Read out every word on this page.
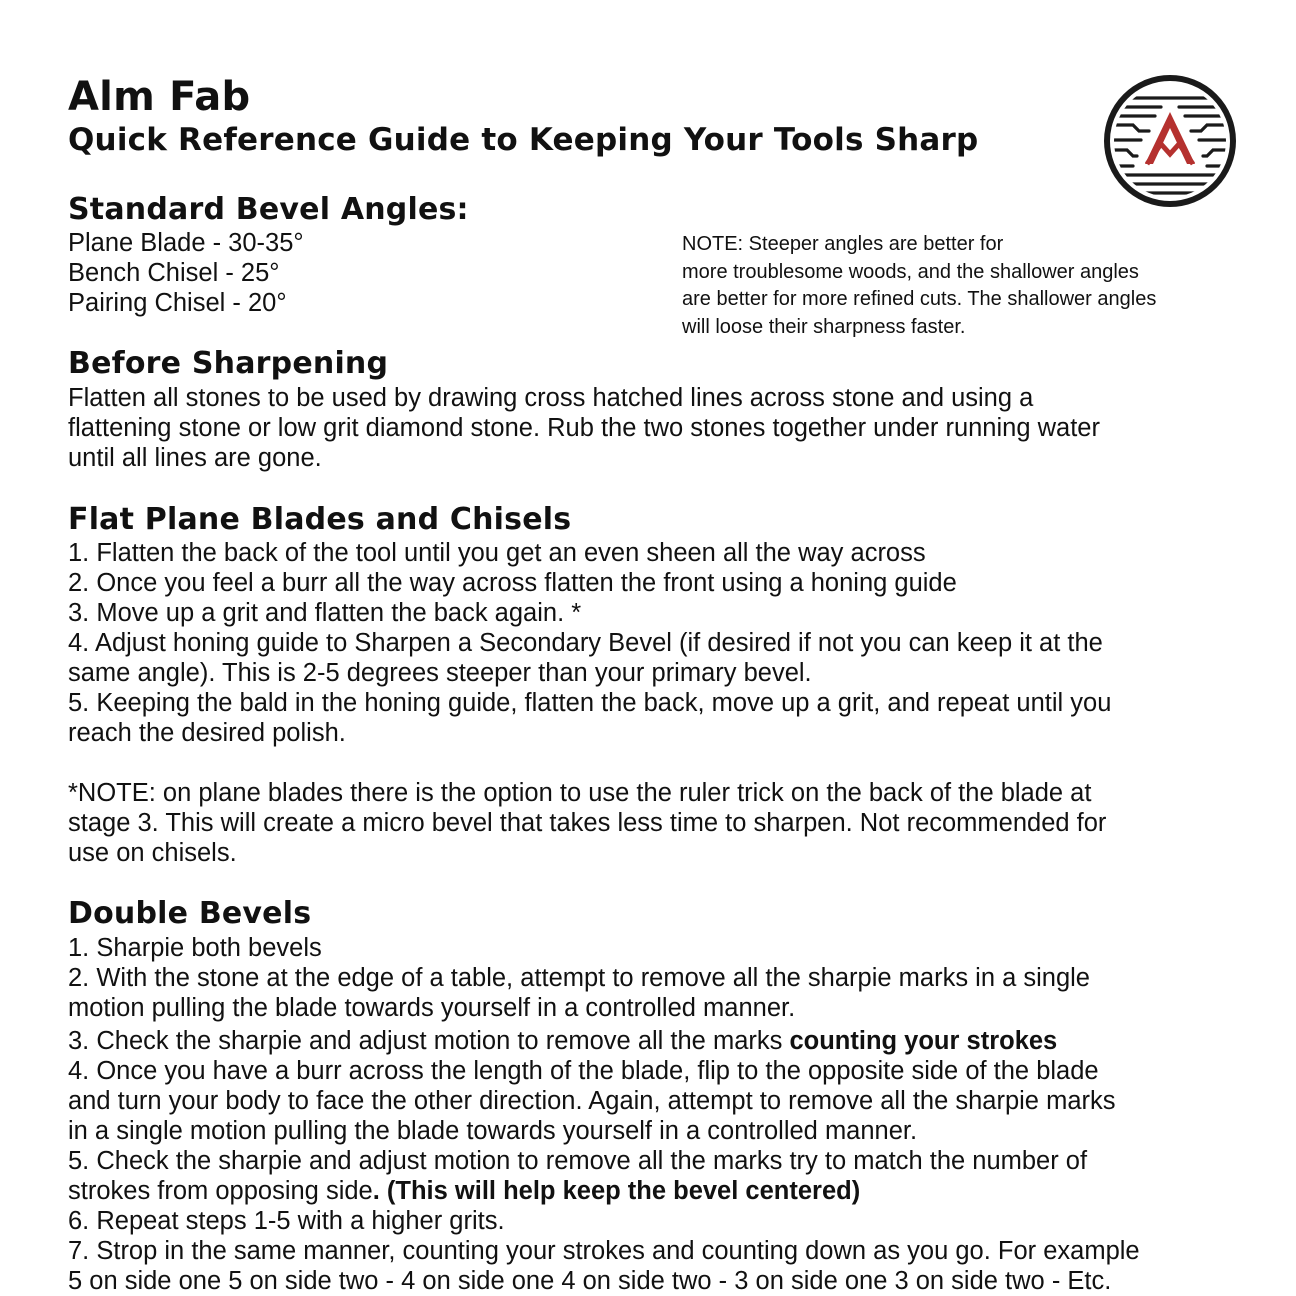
Alm Fab
Quick Reference Guide to Keeping Your Tools Sharp
Standard Bevel Angles:
Plane Blade - 30-35°
Bench Chisel - 25°
Pairing Chisel - 20°
NOTE: Steeper angles are better for
more troublesome woods, and the shallower angles
are better for more refined cuts. The shallower angles
will loose their sharpness faster.
Before Sharpening
Flatten all stones to be used by drawing cross hatched lines across stone and using a
flattening stone or low grit diamond stone. Rub the two stones together under running water
until all lines are gone.
Flat Plane Blades and Chisels
1. Flatten the back of the tool until you get an even sheen all the way across
2. Once you feel a burr all the way across flatten the front using a honing guide
3. Move up a grit and flatten the back again. *
4. Adjust honing guide to Sharpen a Secondary Bevel (if desired if not you can keep it at the
same angle). This is 2-5 degrees steeper than your primary bevel.
5. Keeping the bald in the honing guide, flatten the back, move up a grit, and repeat until you
reach the desired polish.
*NOTE: on plane blades there is the option to use the ruler trick on the back of the blade at
stage 3. This will create a micro bevel that takes less time to sharpen. Not recommended for
use on chisels.
Double Bevels
1. Sharpie both bevels
2. With the stone at the edge of a table, attempt to remove all the sharpie marks in a single
motion pulling the blade towards yourself in a controlled manner.
3. Check the sharpie and adjust motion to remove all the marks counting your strokes
4. Once you have a burr across the length of the blade, flip to the opposite side of the blade
and turn your body to face the other direction. Again, attempt to remove all the sharpie marks
in a single motion pulling the blade towards yourself in a controlled manner.
5. Check the sharpie and adjust motion to remove all the marks try to match the number of
strokes from opposing side. (This will help keep the bevel centered)
6. Repeat steps 1-5 with a higher grits.
7. Strop in the same manner, counting your strokes and counting down as you go. For example
5 on side one 5 on side two - 4 on side one 4 on side two - 3 on side one 3 on side two - Etc.
